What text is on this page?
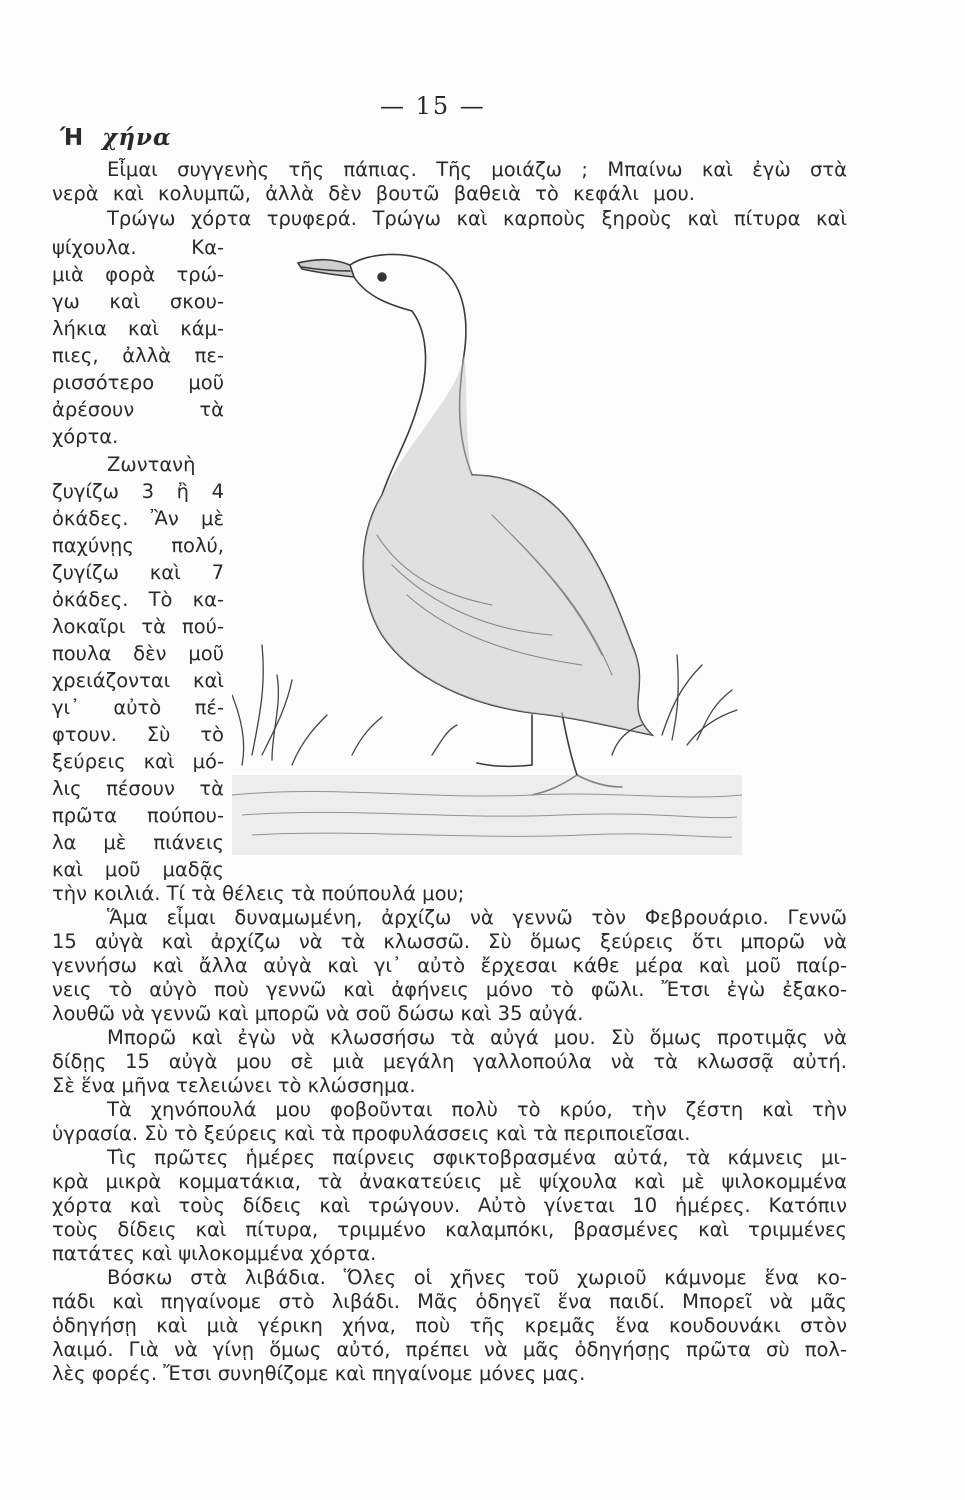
— 15 —
Ή χήνα
Εἶμαι συγγενὴς τῆς πάπιας. Τῆς μοιάζω ; Μπαίνω καὶ ἐγὼ στὰ
νερὰ καὶ κολυμπῶ, ἀλλὰ δὲν βουτῶ βαθειὰ τὸ κεφάλι μου.
Τρώγω χόρτα τρυφερά. Τρώγω καὶ καρποὺς ξηροὺς καὶ πίτυρα καὶ
ψίχουλα. Κα-
μιὰ φορὰ τρώ-
γω καὶ σκου-
λήκια καὶ κάμ-
πιες, ἀλλὰ πε-
ρισσότερο μοῦ
ἀρέσουν τὰ
χόρτα.
Ζωντανὴ
ζυγίζω 3 ἢ 4
ὀκάδες. Ἂν μὲ
παχύνῃς πολύ,
ζυγίζω καὶ 7
ὀκάδες. Τὸ κα-
λοκαῖρι τὰ πού-
πουλα δὲν μοῦ
χρειάζονται καὶ
γι᾽ αὐτὸ πέ-
φτουν. Σὺ τὸ
ξεύρεις καὶ μό-
λις πέσουν τὰ
πρῶτα πούπου-
λα μὲ πιάνεις
καὶ μοῦ μαδᾷς
τὴν κοιλιά. Τί τὰ θέλεις τὰ πούπουλά μου;
Ἅμα εἶμαι δυναμωμένη, ἀρχίζω νὰ γεννῶ τὸν Φεβρουάριο. Γεννῶ
15 αὐγὰ καὶ ἀρχίζω νὰ τὰ κλωσσῶ. Σὺ ὅμως ξεύρεις ὅτι μπορῶ νὰ
γεννήσω καὶ ἄλλα αὐγὰ καὶ γι᾽ αὐτὸ ἔρχεσαι κάθε μέρα καὶ μοῦ παίρ-
νεις τὸ αὐγὸ ποὺ γεννῶ καὶ ἀφήνεις μόνο τὸ φῶλι. Ἔτσι ἐγὼ ἐξακο-
λουθῶ νὰ γεννῶ καὶ μπορῶ νὰ σοῦ δώσω καὶ 35 αὐγά.
Μπορῶ καὶ ἐγὼ νὰ κλωσσήσω τὰ αὐγά μου. Σὺ ὅμως προτιμᾷς νὰ
δίδῃς 15 αὐγὰ μου σὲ μιὰ μεγάλη γαλλοπούλα νὰ τὰ κλωσσᾷ αὐτή.
Σὲ ἕνα μῆνα τελειώνει τὸ κλώσσημα.
Τὰ χηνόπουλά μου φοβοῦνται πολὺ τὸ κρύο, τὴν ζέστη καὶ τὴν
ὑγρασία. Σὺ τὸ ξεύρεις καὶ τὰ προφυλάσσεις καὶ τὰ περιποιεῖσαι.
Τὶς πρῶτες ἡμέρες παίρνεις σφικτοβρασμένα αὐτά, τὰ κάμνεις μι-
κρὰ μικρὰ κομματάκια, τὰ ἀνακατεύεις μὲ ψίχουλα καὶ μὲ ψιλοκομμένα
χόρτα καὶ τοὺς δίδεις καὶ τρώγουν. Αὐτὸ γίνεται 10 ἡμέρες. Κατόπιν
τοὺς δίδεις καὶ πίτυρα, τριμμένο καλαμπόκι, βρασμένες καὶ τριμμένες
πατάτες καὶ ψιλοκομμένα χόρτα.
Βόσκω στὰ λιβάδια. Ὅλες οἱ χῆνες τοῦ χωριοῦ κάμνομε ἕνα κο-
πάδι καὶ πηγαίνομε στὸ λιβάδι. Μᾶς ὁδηγεῖ ἕνα παιδί. Μπορεῖ νὰ μᾶς
ὁδηγήσῃ καὶ μιὰ γέρικη χήνα, ποὺ τῆς κρεμᾶς ἕνα κουδουνάκι στὸν
λαιμό. Γιὰ νὰ γίνῃ ὅμως αὐτό, πρέπει νὰ μᾶς ὁδηγήσῃς πρῶτα σὺ πολ-
λὲς φορές. Ἔτσι συνηθίζομε καὶ πηγαίνομε μόνες μας.
